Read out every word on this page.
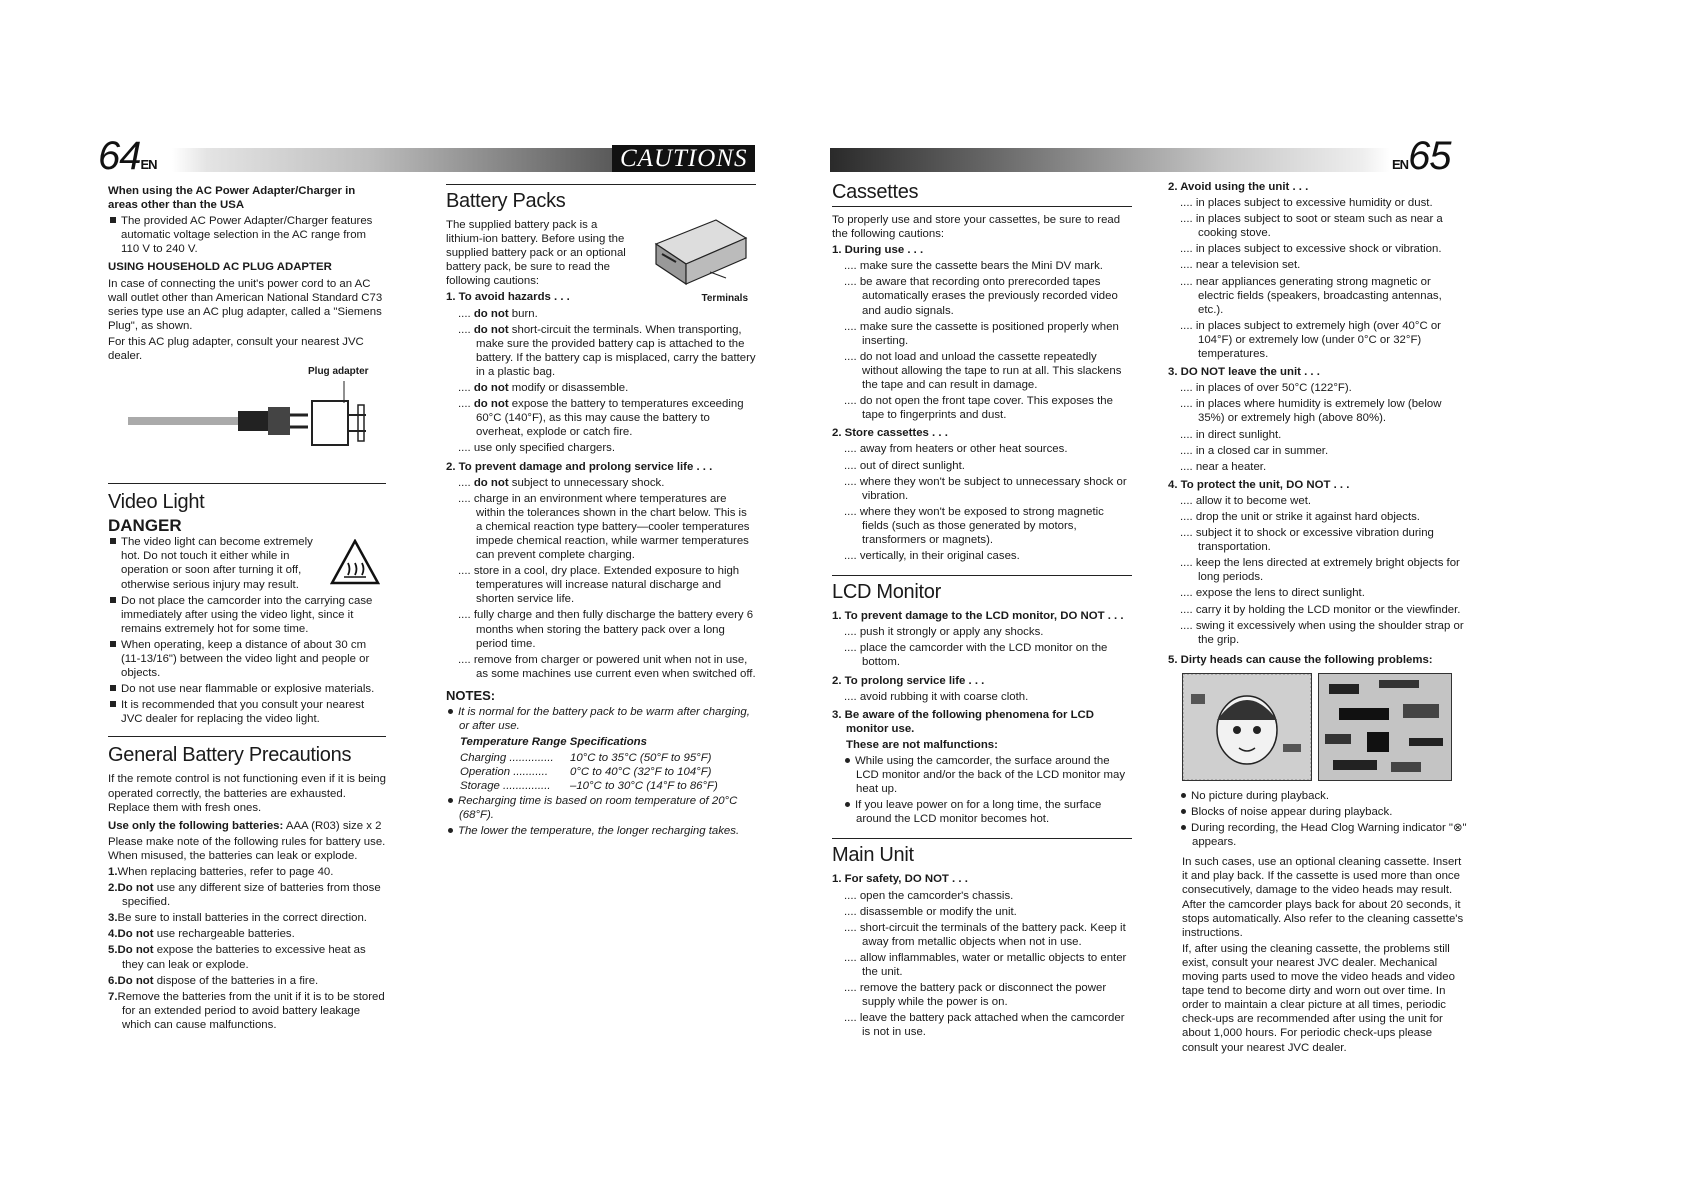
64EN	CAUTIONS

When using the AC Power Adapter/Charger in areas other than the USA

The provided AC Power Adapter/Charger features automatic voltage selection in the AC range from 110 V to 240 V.

USING HOUSEHOLD AC PLUG ADAPTER

In case of connecting the unit's power cord to an AC wall outlet other than American National Standard C73 series type use an AC plug adapter, called a "Siemens Plug", as shown.

For this AC plug adapter, consult your nearest JVC dealer.

Plug adapter
Video Light
DANGER

The video light can become extremely hot. Do not touch it either while in operation or soon after turning it off, otherwise serious injury may result.

Do not place the camcorder into the carrying case immediately after using the video light, since it remains extremely hot for some time.

When operating, keep a distance of about 30 cm (11-13/16") between the video light and people or objects.

Do not use near flammable or explosive materials.

It is recommended that you consult your nearest JVC dealer for replacing the video light.

General Battery Precautions

If the remote control is not functioning even if it is being operated correctly, the batteries are exhausted. Replace them with fresh ones.

Use only the following batteries: AAA (R03) size x 2

Please make note of the following rules for battery use. When misused, the batteries can leak or explode.

1.When replacing batteries, refer to page 40.

2.Do not use any different size of batteries from those specified.

3.Be sure to install batteries in the correct direction.

4.Do not use rechargeable batteries.

5.Do not expose the batteries to excessive heat as they can leak or explode.

6.Do not dispose of the batteries in a fire.

7.Remove the batteries from the unit if it is to be stored for an extended period to avoid battery leakage which can cause malfunctions.

Battery Packs
Terminals

The supplied battery pack is a lithium-ion battery. Before using the supplied battery pack or an optional battery pack, be sure to read the following cautions:

1. To avoid hazards . . .

.... do not burn.

.... do not short-circuit the terminals. When transporting, make sure the provided battery cap is attached to the battery. If the battery cap is misplaced, carry the battery in a plastic bag.

.... do not modify or disassemble.

.... do not expose the battery to temperatures exceeding 60°C (140°F), as this may cause the battery to overheat, explode or catch fire.

.... use only specified chargers.

2. To prevent damage and prolong service life . . .

.... do not subject to unnecessary shock.

.... charge in an environment where temperatures are within the tolerances shown in the chart below. This is a chemical reaction type battery—cooler temperatures impede chemical reaction, while warmer temperatures can prevent complete charging.

.... store in a cool, dry place. Extended exposure to high temperatures will increase natural discharge and shorten service life.

.... fully charge and then fully discharge the battery every 6 months when storing the battery pack over a long period time.

.... remove from charger or powered unit when not in use, as some machines use current even when switched off.

NOTES:

It is normal for the battery pack to be warm after charging, or after use.

Temperature Range Specifications

Charging ..............	10°C to 35°C (50°F to 95°F)
Operation ...........	0°C to 40°C (32°F to 104°F)
Storage ...............	–10°C to 30°C (14°F to 86°F)

Recharging time is based on room temperature of 20°C (68°F).

The lower the temperature, the longer recharging takes.

EN65
Cassettes

To properly use and store your cassettes, be sure to read the following cautions:

1. During use . . .

.... make sure the cassette bears the Mini DV mark.

.... be aware that recording onto prerecorded tapes automatically erases the previously recorded video and audio signals.

.... make sure the cassette is positioned properly when inserting.

.... do not load and unload the cassette repeatedly without allowing the tape to run at all. This slackens the tape and can result in damage.

.... do not open the front tape cover. This exposes the tape to fingerprints and dust.

2. Store cassettes . . .

.... away from heaters or other heat sources.

.... out of direct sunlight.

.... where they won't be subject to unnecessary shock or vibration.

.... where they won't be exposed to strong magnetic fields (such as those generated by motors, transformers or magnets).

.... vertically, in their original cases.

LCD Monitor

1. To prevent damage to the LCD monitor, DO NOT . . .

.... push it strongly or apply any shocks.

.... place the camcorder with the LCD monitor on the bottom.

2. To prolong service life . . .

.... avoid rubbing it with coarse cloth.

3. Be aware of the following phenomena for LCD monitor use.

These are not malfunctions:

While using the camcorder, the surface around the LCD monitor and/or the back of the LCD monitor may heat up.

If you leave power on for a long time, the surface around the LCD monitor becomes hot.

Main Unit

1. For safety, DO NOT . . .

.... open the camcorder's chassis.

.... disassemble or modify the unit.

.... short-circuit the terminals of the battery pack. Keep it away from metallic objects when not in use.

.... allow inflammables, water or metallic objects to enter the unit.

.... remove the battery pack or disconnect the power supply while the power is on.

.... leave the battery pack attached when the camcorder is not in use.

2. Avoid using the unit . . .

.... in places subject to excessive humidity or dust.

.... in places subject to soot or steam such as near a cooking stove.

.... in places subject to excessive shock or vibration.

.... near a television set.

.... near appliances generating strong magnetic or electric fields (speakers, broadcasting antennas, etc.).

.... in places subject to extremely high (over 40°C or 104°F) or extremely low (under 0°C or 32°F) temperatures.

3. DO NOT leave the unit . . .

.... in places of over 50°C (122°F).

.... in places where humidity is extremely low (below 35%) or extremely high (above 80%).

.... in direct sunlight.

.... in a closed car in summer.

.... near a heater.

4. To protect the unit, DO NOT . . .

.... allow it to become wet.

.... drop the unit or strike it against hard objects.

.... subject it to shock or excessive vibration during transportation.

.... keep the lens directed at extremely bright objects for long periods.

.... expose the lens to direct sunlight.

.... carry it by holding the LCD monitor or the viewfinder.

.... swing it excessively when using the shoulder strap or the grip.

5. Dirty heads can cause the following problems:

No picture during playback.

Blocks of noise appear during playback.

During recording, the Head Clog Warning indicator "⊗" appears.

In such cases, use an optional cleaning cassette. Insert it and play back. If the cassette is used more than once consecutively, damage to the video heads may result. After the camcorder plays back for about 20 seconds, it stops automatically. Also refer to the cleaning cassette's instructions.

If, after using the cleaning cassette, the problems still exist, consult your nearest JVC dealer. Mechanical moving parts used to move the video heads and video tape tend to become dirty and worn out over time. In order to maintain a clear picture at all times, periodic check-ups are recommended after using the unit for about 1,000 hours. For periodic check-ups please consult your nearest JVC dealer.
